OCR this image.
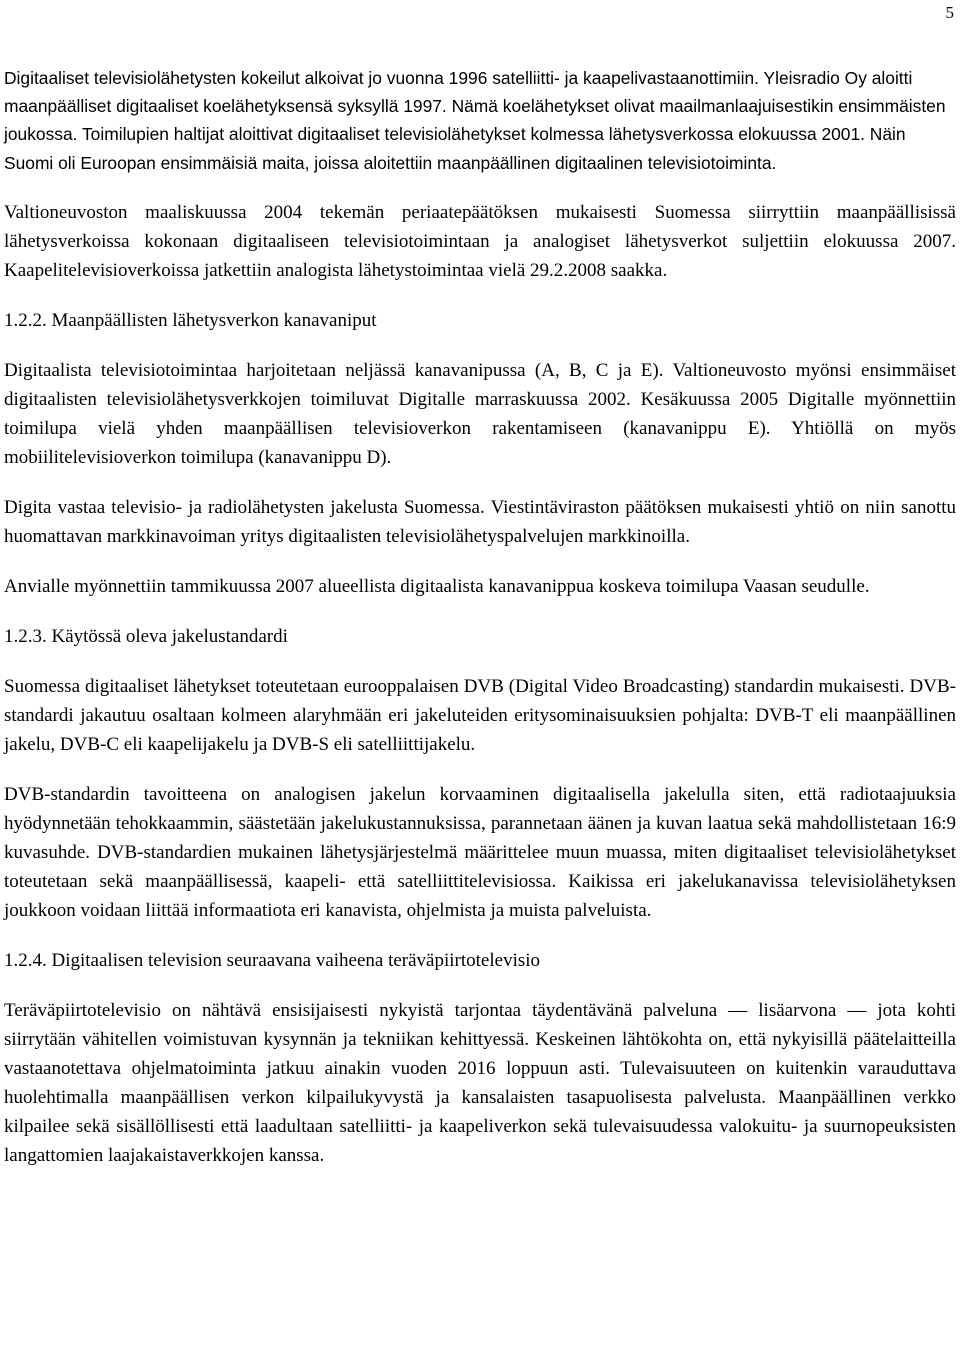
5

Digitaaliset televisiolähetysten kokeilut alkoivat jo vuonna 1996 satelliitti- ja kaapelivastaanottimiin. Yleisradio Oy aloitti maanpäälliset digitaaliset koelähetyksensä syksyllä 1997. Nämä koelähetykset olivat maailmanlaajuisestikin ensimmäisten joukossa. Toimilupien haltijat aloittivat digitaaliset televisiolähetykset kolmessa lähetysverkossa elokuussa 2001. Näin Suomi oli Euroopan ensimmäisiä maita, joissa aloitettiin maanpäällinen digitaalinen televisiotoiminta.

Valtioneuvoston maaliskuussa 2004 tekemän periaatepäätöksen mukaisesti Suomessa siirryttiin maanpäällisissä lähetysverkoissa kokonaan digitaaliseen televisiotoimintaan ja analogiset lähetysverkot suljettiin elokuussa 2007. Kaapelitelevisioverkoissa jatkettiin analogista lähetystoimintaa vielä 29.2.2008 saakka.

1.2.2. Maanpäällisten lähetysverkon kanavaniput

Digitaalista televisiotoimintaa harjoitetaan neljässä kanavanipussa (A, B, C ja E). Valtioneuvosto myönsi ensimmäiset digitaalisten televisiolähetysverkkojen toimiluvat Digitalle marraskuussa 2002. Kesäkuussa 2005 Digitalle myönnettiin toimilupa vielä yhden maanpäällisen televisioverkon rakentamiseen (kanavanippu E). Yhtiöllä on myös mobiilitelevisioverkon toimilupa (kanavanippu D).

Digita vastaa televisio- ja radiolähetysten jakelusta Suomessa. Viestintäviraston päätöksen mukaisesti yhtiö on niin sanottu huomattavan markkinavoiman yritys digitaalisten televisiolähetyspalvelujen markkinoilla.

Anvialle myönnettiin tammikuussa 2007 alueellista digitaalista kanavanippua koskeva toimilupa Vaasan seudulle.

1.2.3. Käytössä oleva jakelustandardi

Suomessa digitaaliset lähetykset toteutetaan eurooppalaisen DVB (Digital Video Broadcasting) standardin mukaisesti. DVB-standardi jakautuu osaltaan kolmeen alaryhmään eri jakeluteiden eritysominaisuuksien pohjalta: DVB-T eli maanpäällinen jakelu, DVB-C eli kaapelijakelu ja DVB-S eli satelliittijakelu.

DVB-standardin tavoitteena on analogisen jakelun korvaaminen digitaalisella jakelulla siten, että radiotaajuuksia hyödynnetään tehokkaammin, säästetään jakelukustannuksissa, parannetaan äänen ja kuvan laatua sekä mahdollistetaan 16:9 kuvasuhde. DVB-standardien mukainen lähetysjärjestelmä määrittelee muun muassa, miten digitaaliset televisiolähetykset toteutetaan sekä maanpäällisessä, kaapeli- että satelliittitelevisiossa. Kaikissa eri jakelukanavissa televisiolähetyksen joukkoon voidaan liittää informaatiota eri kanavista, ohjelmista ja muista palveluista.

1.2.4. Digitaalisen television seuraavana vaiheena teräväpiirtotelevisio

Teräväpiirtotelevisio on nähtävä ensisijaisesti nykyistä tarjontaa täydentävänä palveluna — lisäarvona — jota kohti siirrytään vähitellen voimistuvan kysynnän ja tekniikan kehittyessä. Keskeinen lähtökohta on, että nykyisillä päätelaitteilla vastaanotettava ohjelmatoiminta jatkuu ainakin vuoden 2016 loppuun asti. Tulevaisuuteen on kuitenkin varauduttava huolehtimalla maanpäällisen verkon kilpailukyvystä ja kansalaisten tasapuolisesta palvelusta. Maanpäällinen verkko kilpailee sekä sisällöllisesti että laadultaan satelliitti- ja kaapeliverkon sekä tulevaisuudessa valokuitu- ja suurnopeuksisten langattomien laajakaistaverkkojen kanssa.
